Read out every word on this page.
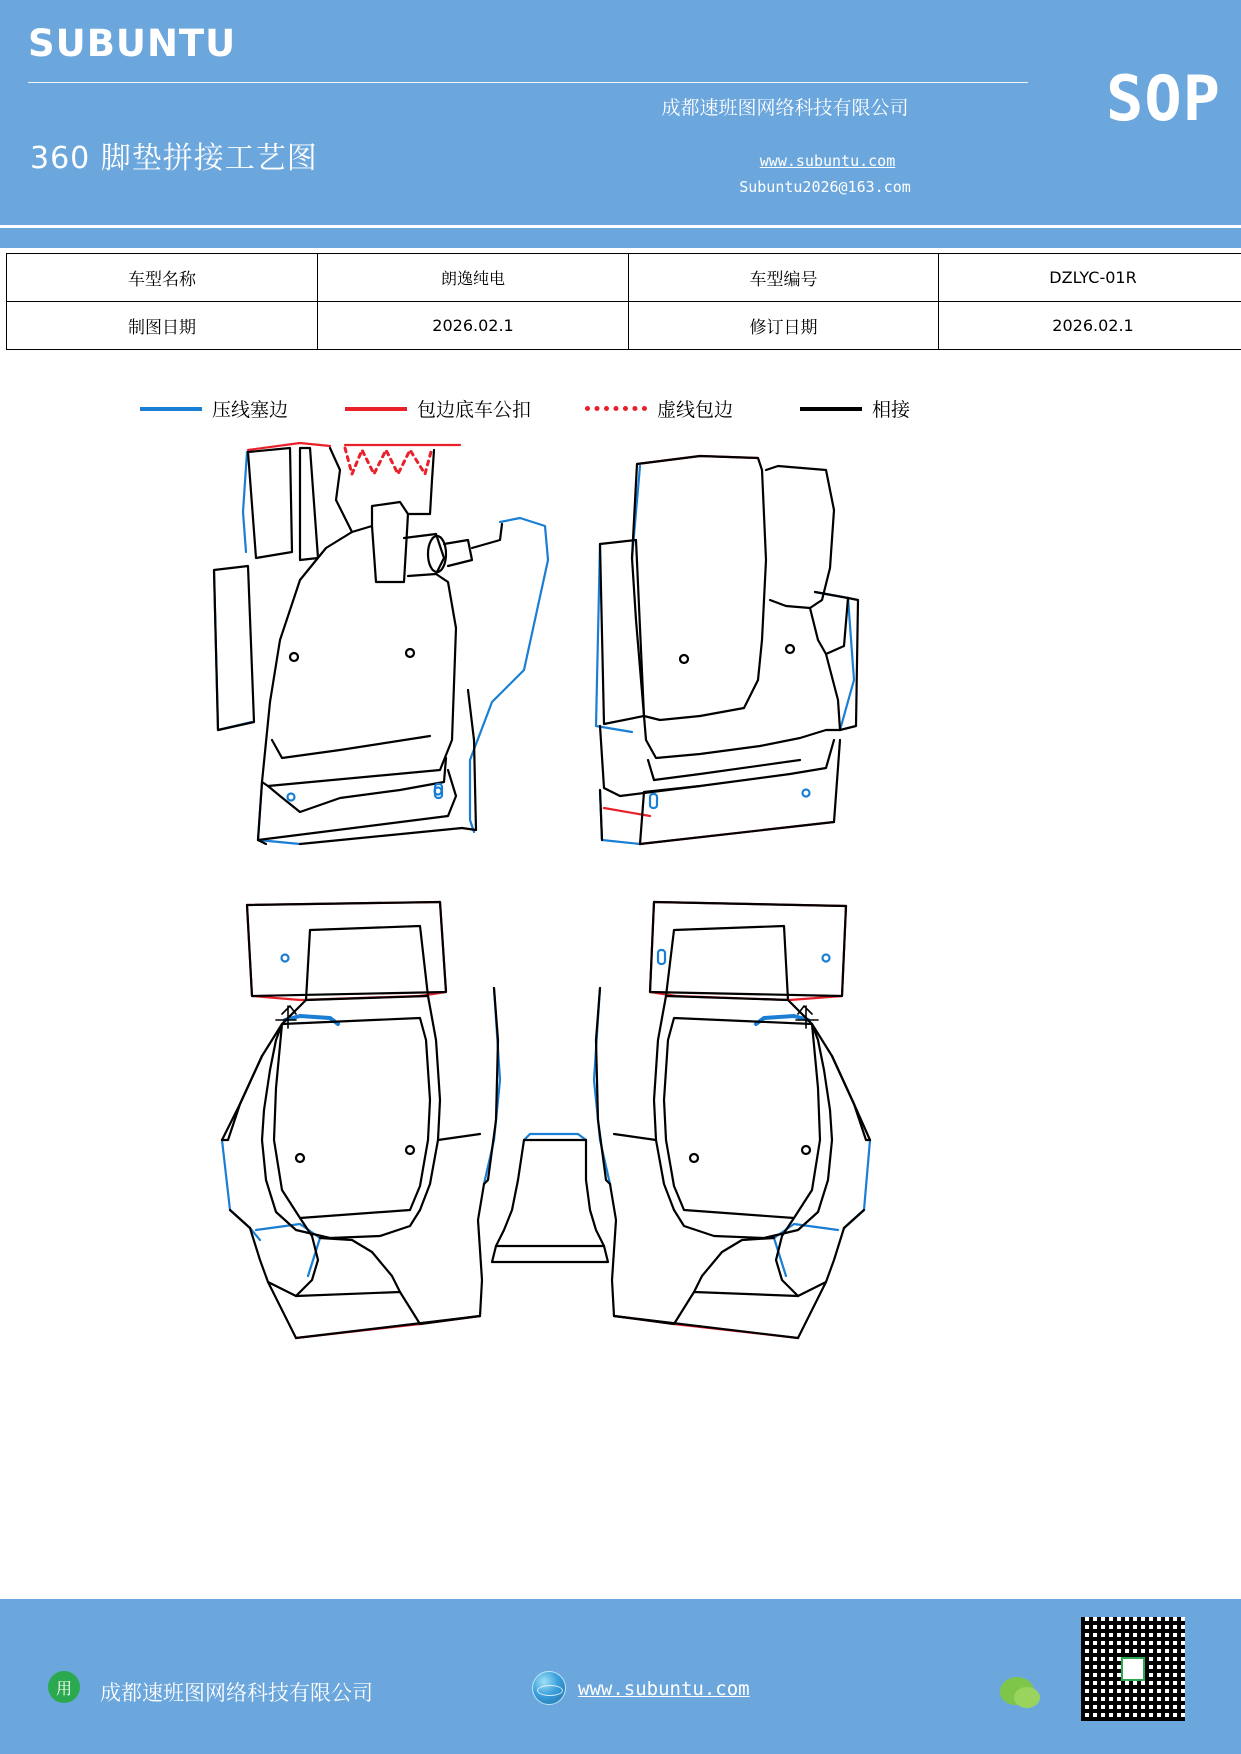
SUBUNTU
360 脚垫拼接工艺图
成都速班图网络科技有限公司	SOP
www.subuntu.com
Subuntu2026@163.com
车型名称	朗逸纯电	车型编号	DZLYC-01R
制图日期	2026.02.1	修订日期	2026.02.1
压线塞边	包边底车公扣	虚线包边	相接
用	成都速班图网络科技有限公司	www.subuntu.com
